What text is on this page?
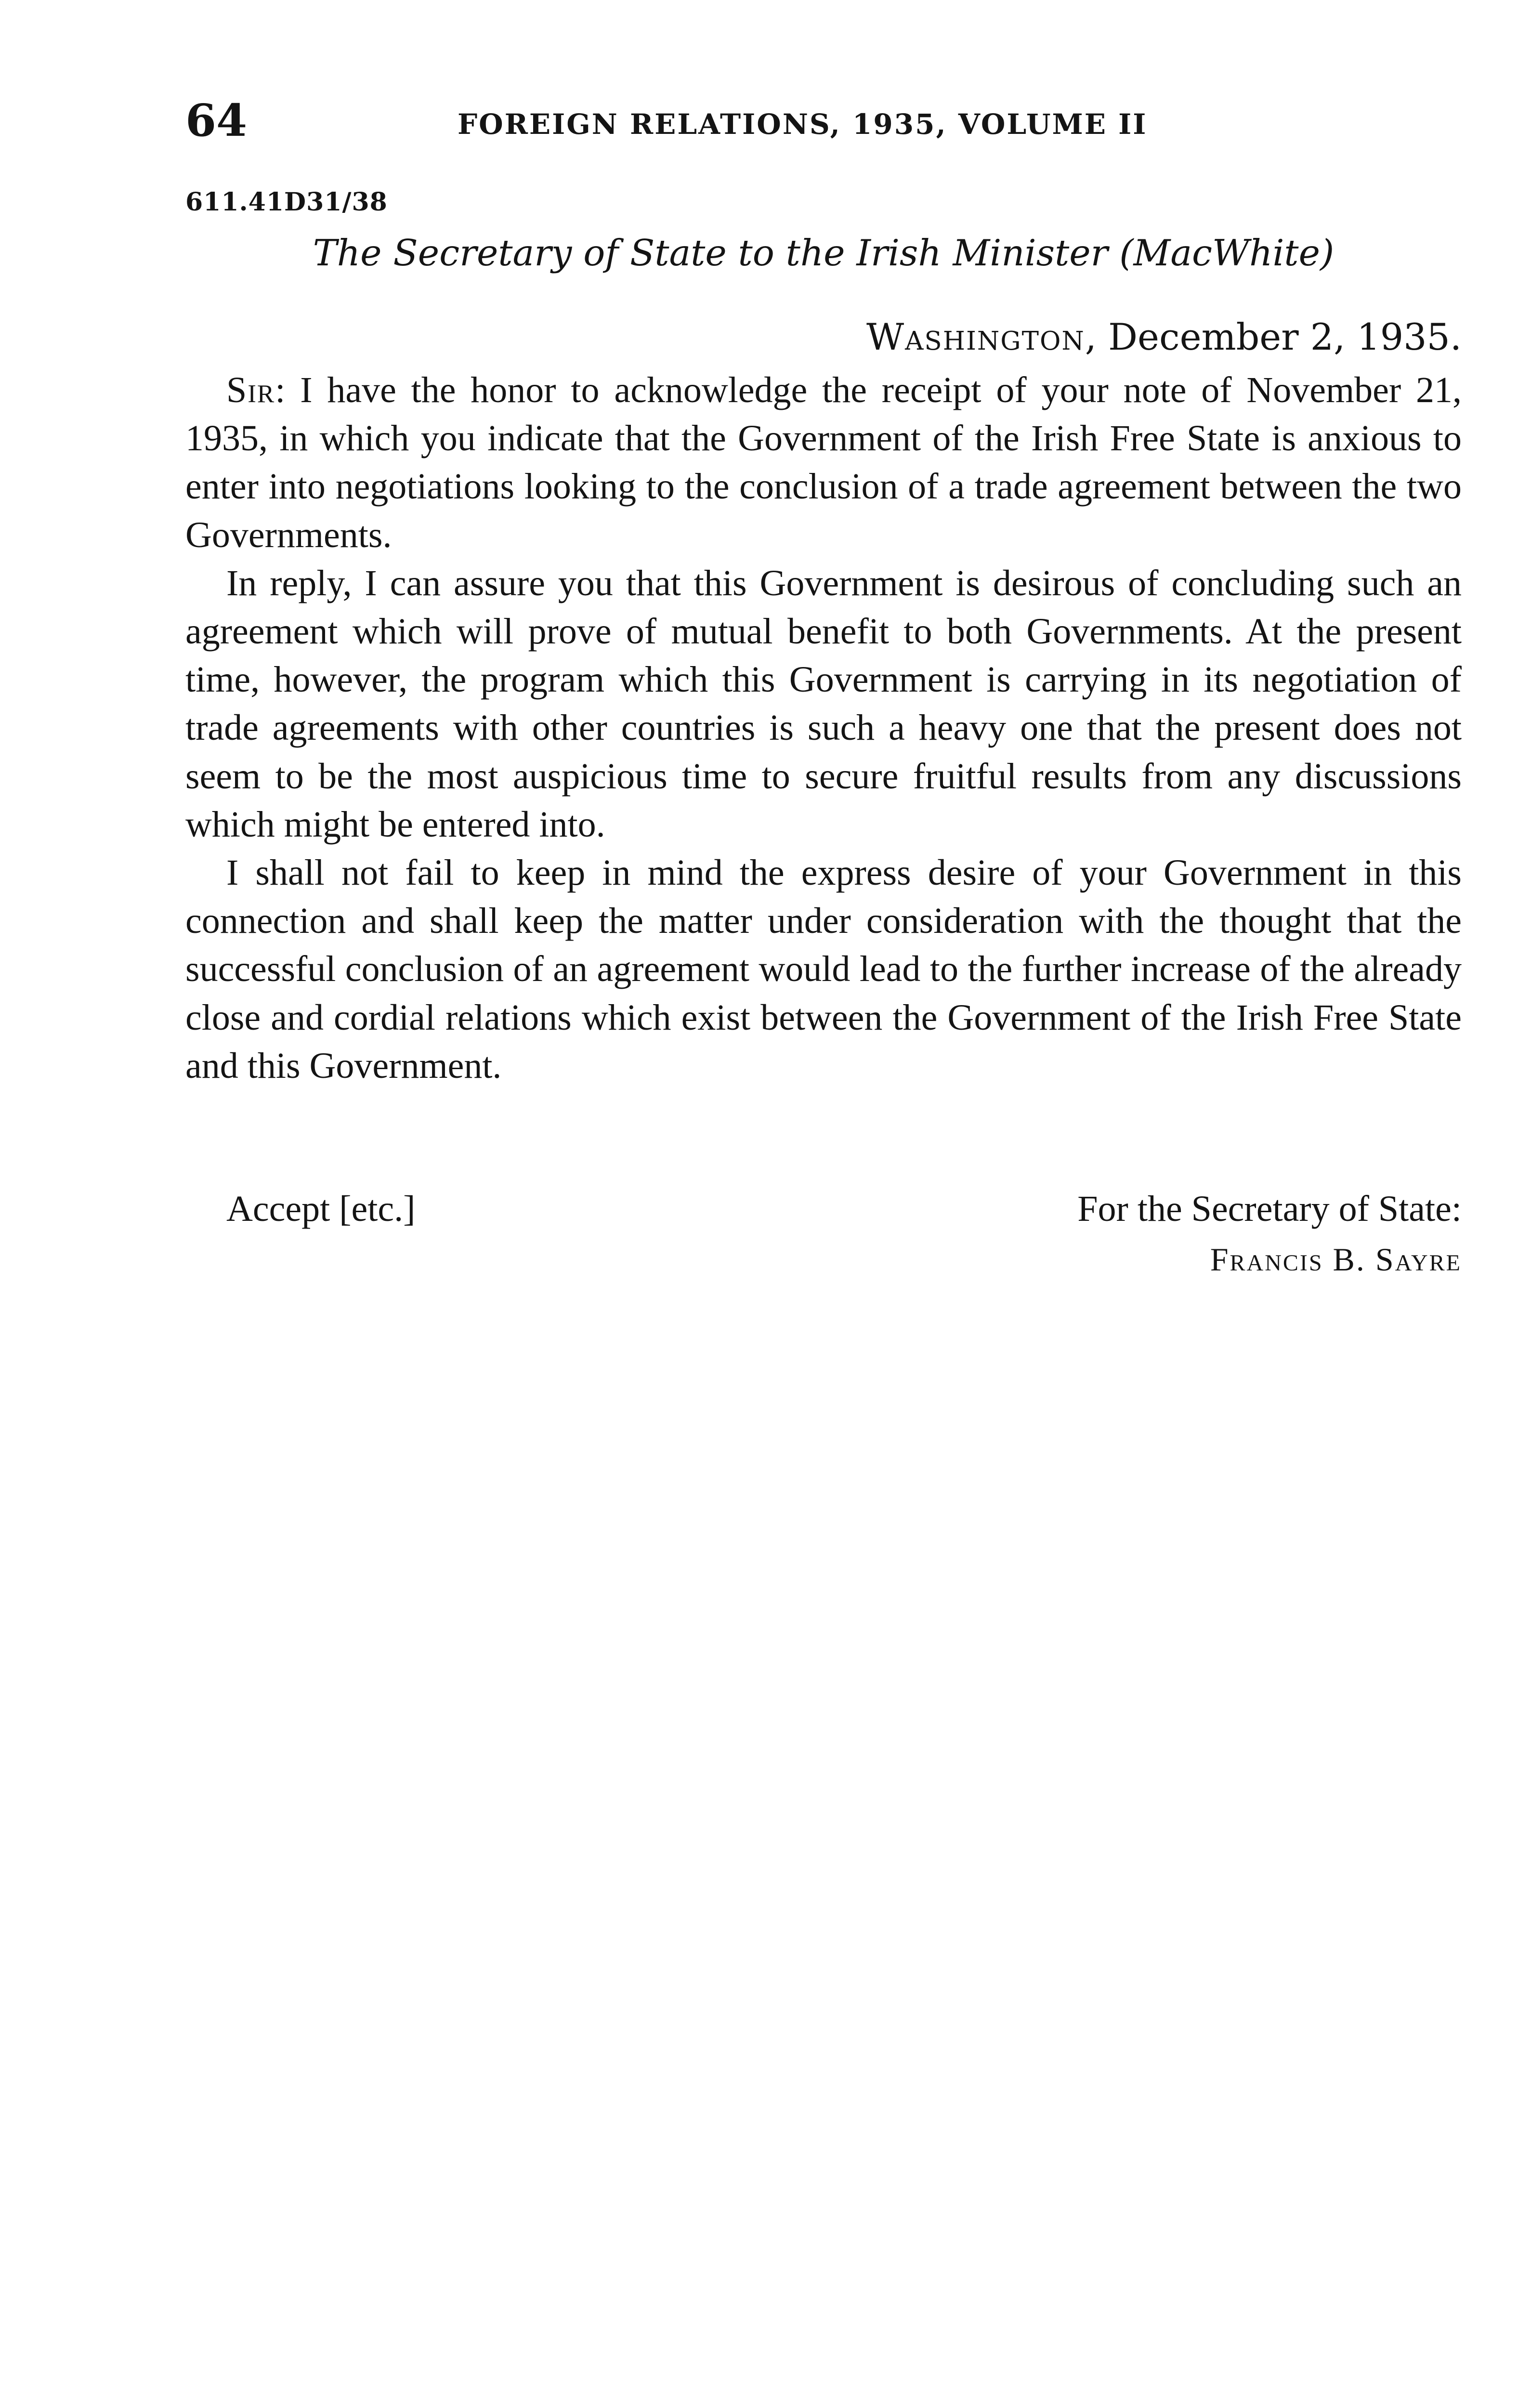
64	FOREIGN RELATIONS, 1935, VOLUME II
611.41D31/38
The Secretary of State to the Irish Minister (MacWhite)
Washington, December 2, 1935.

Sir: I have the honor to acknowledge the receipt of your note of November 21, 1935, in which you indicate that the Government of the Irish Free State is anxious to enter into negotiations looking to the conclusion of a trade agreement between the two Governments.

In reply, I can assure you that this Government is desirous of concluding such an agreement which will prove of mutual benefit to both Governments. At the present time, however, the program which this Government is carrying in its negotiation of trade agreements with other countries is such a heavy one that the present does not seem to be the most auspicious time to secure fruitful results from any discussions which might be entered into.

I shall not fail to keep in mind the express desire of your Government in this connection and shall keep the matter under consideration with the thought that the successful conclusion of an agreement would lead to the further increase of the already close and cordial relations which exist between the Government of the Irish Free State and this Government.

Accept [etc.]	For the Secretary of State:
Francis B. Sayre
